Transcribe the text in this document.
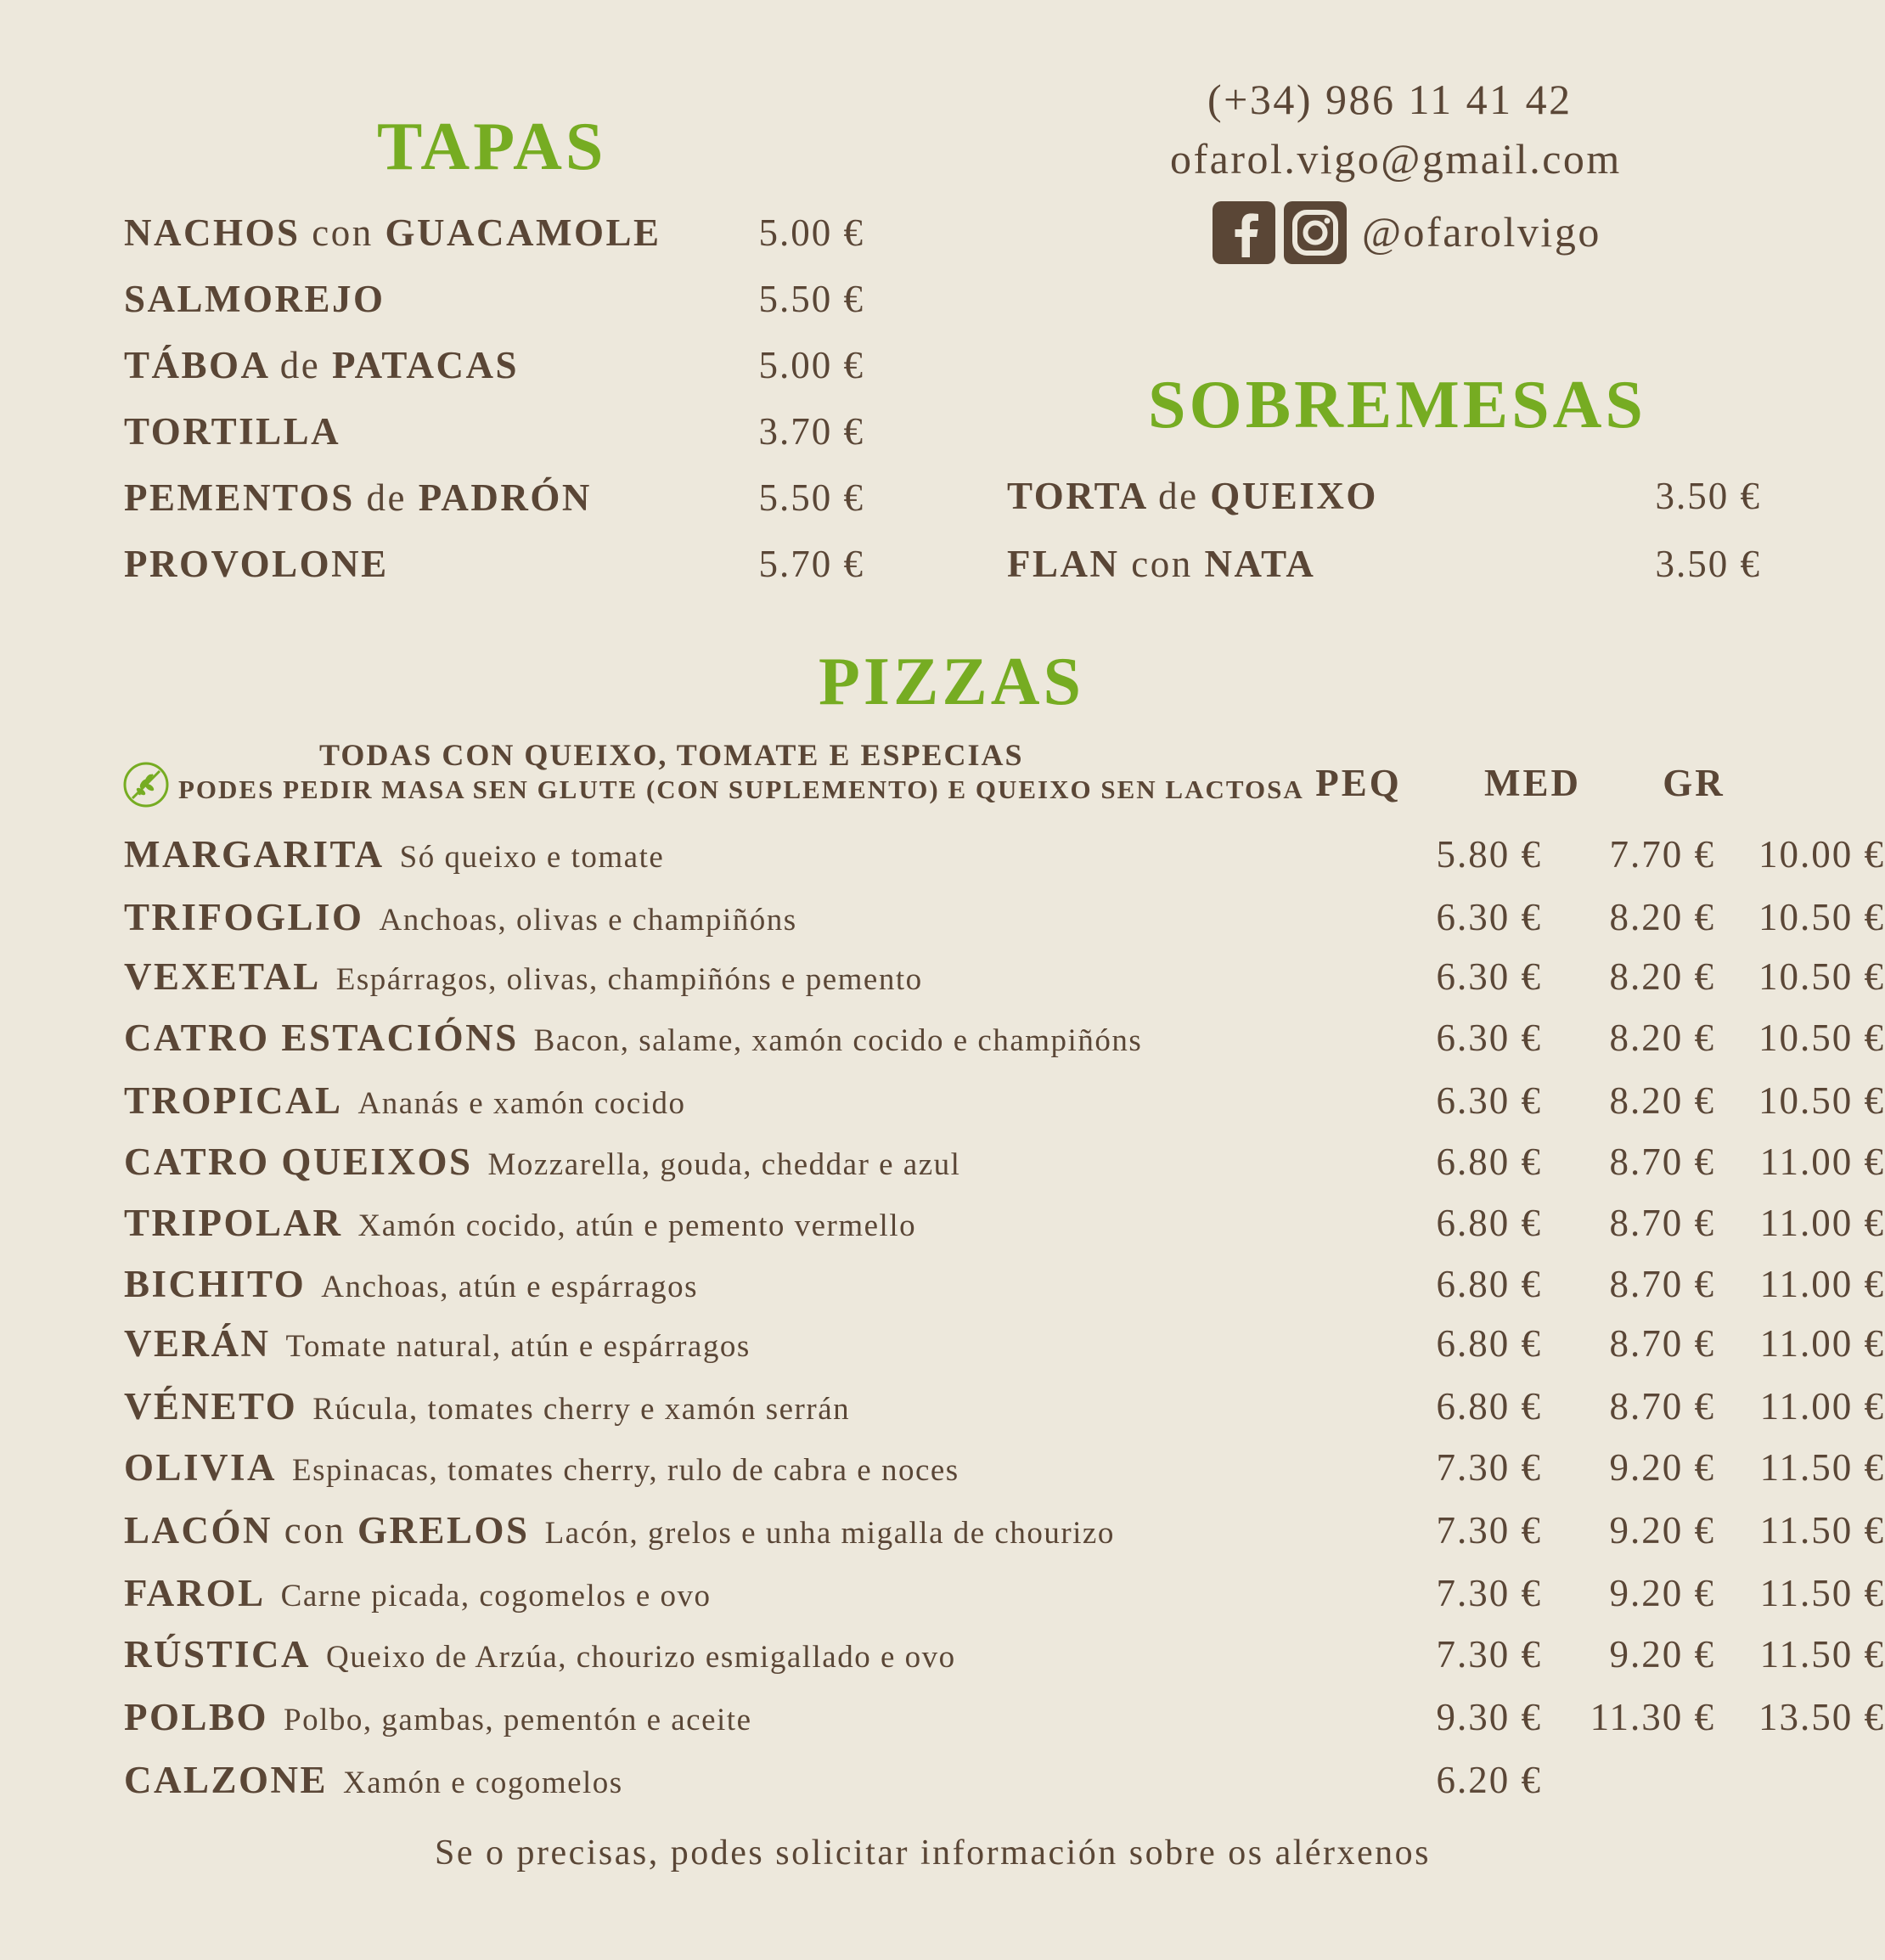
TAPAS
NACHOS con GUACAMOLE	5.00 €
SALMOREJO	5.50 €
TÁBOA de PATACAS	5.00 €
TORTILLA	3.70 €
PEMENTOS de PADRÓN	5.50 €
PROVOLONE	5.70 €
(+34) 986 11 41 42
ofarol.vigo@gmail.com
@ofarolvigo
SOBREMESAS
TORTA de QUEIXO	3.50 €
FLAN con NATA	3.50 €
PIZZAS
TODAS CON QUEIXO, TOMATE E ESPECIAS
PODES PEDIR MASA SEN GLUTE (CON SUPLEMENTO) E QUEIXO SEN LACTOSA PEQ	MED	GR
MARGARITA Só queixo e tomate	5.80 €	7.70 €	10.00 €
TRIFOGLIO Anchoas, olivas e champiñóns	6.30 €	8.20 €	10.50 €
VEXETAL Espárragos, olivas, champiñóns e pemento	6.30 €	8.20 €	10.50 €
CATRO ESTACIÓNS Bacon, salame, xamón cocido e champiñóns	6.30 €	8.20 €	10.50 €
TROPICAL Ananás e xamón cocido	6.30 €	8.20 €	10.50 €
CATRO QUEIXOS Mozzarella, gouda, cheddar e azul	6.80 €	8.70 €	11.00 €
TRIPOLAR Xamón cocido, atún e pemento vermello	6.80 €	8.70 €	11.00 €
BICHITO Anchoas, atún e espárragos	6.80 €	8.70 €	11.00 €
VERÁN Tomate natural, atún e espárragos	6.80 €	8.70 €	11.00 €
VÉNETO Rúcula, tomates cherry e xamón serrán	6.80 €	8.70 €	11.00 €
OLIVIA Espinacas, tomates cherry, rulo de cabra e noces	7.30 €	9.20 €	11.50 €
LACÓN con GRELOS Lacón, grelos e unha migalla de chourizo	7.30 €	9.20 €	11.50 €
FAROL Carne picada, cogomelos e ovo	7.30 €	9.20 €	11.50 €
RÚSTICA Queixo de Arzúa, chourizo esmigallado e ovo	7.30 €	9.20 €	11.50 €
POLBO Polbo, gambas, pementón e aceite	9.30 €	11.30 €	13.50 €
CALZONE Xamón e cogomelos	6.20 €
Se o precisas, podes solicitar información sobre os alérxenos
